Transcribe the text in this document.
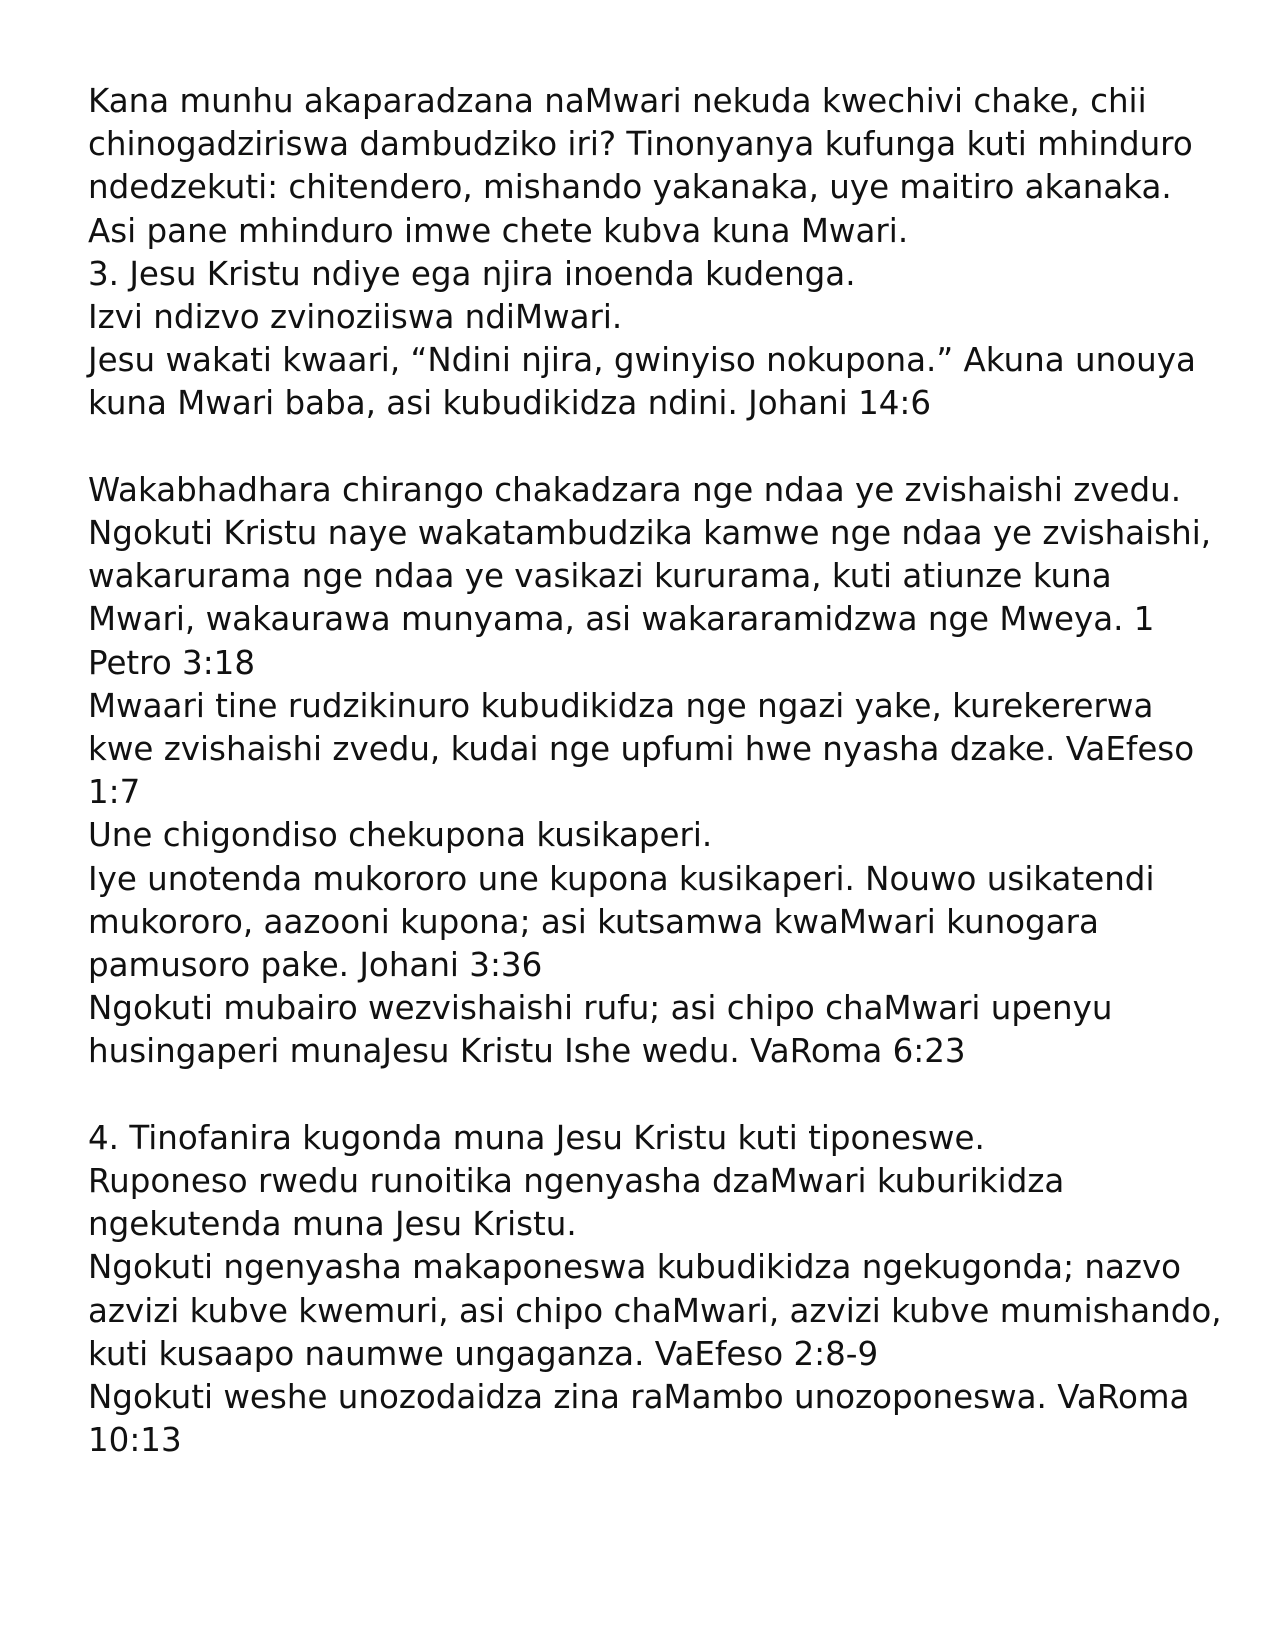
Kana munhu akaparadzana naMwari nekuda kwechivi chake, chii chinogadziriswa dambudziko iri? Tinonyanya kufunga kuti mhinduro ndedzekuti: chitendero, mishando yakanaka, uye maitiro akanaka. Asi pane mhinduro imwe chete kubva kuna Mwari.

3. Jesu Kristu ndiye ega njira inoenda kudenga.

Izvi ndizvo zvinoziiswa ndiMwari.

Jesu wakati kwaari, “Ndini njira, gwinyiso nokupona.” Akuna unouya kuna Mwari baba, asi kubudikidza ndini. Johani 14:6

Wakabhadhara chirango chakadzara nge ndaa ye zvishaishi zvedu.

Ngokuti Kristu naye wakatambudzika kamwe nge ndaa ye zvishaishi, wakarurama nge ndaa ye vasikazi kururama, kuti atiunze kuna Mwari, wakaurawa munyama, asi wakararamidzwa nge Mweya. 1 Petro 3:18

Mwaari tine rudzikinuro kubudikidza nge ngazi yake, kurekererwa kwe zvishaishi zvedu, kudai nge upfumi hwe nyasha dzake. VaEfeso 1:7

Une chigondiso chekupona kusikaperi.

Iye unotenda mukororo une kupona kusikaperi. Nouwo usikatendi mukororo, aazooni kupona; asi kutsamwa kwaMwari kunogara pamusoro pake. Johani 3:36

Ngokuti mubairo wezvishaishi rufu; asi chipo chaMwari upenyu husingaperi munaJesu Kristu Ishe wedu. VaRoma 6:23

4. Tinofanira kugonda muna Jesu Kristu kuti tiponeswe.

Ruponeso rwedu runoitika ngenyasha dzaMwari kuburikidza ngekutenda muna Jesu Kristu.

Ngokuti ngenyasha makaponeswa kubudikidza ngekugonda; nazvo azvizi kubve kwemuri, asi chipo chaMwari, azvizi kubve mumishando, kuti kusaapo naumwe ungaganza. VaEfeso 2:8-9

Ngokuti weshe unozodaidza zina raMambo unozoponeswa. VaRoma 10:13
